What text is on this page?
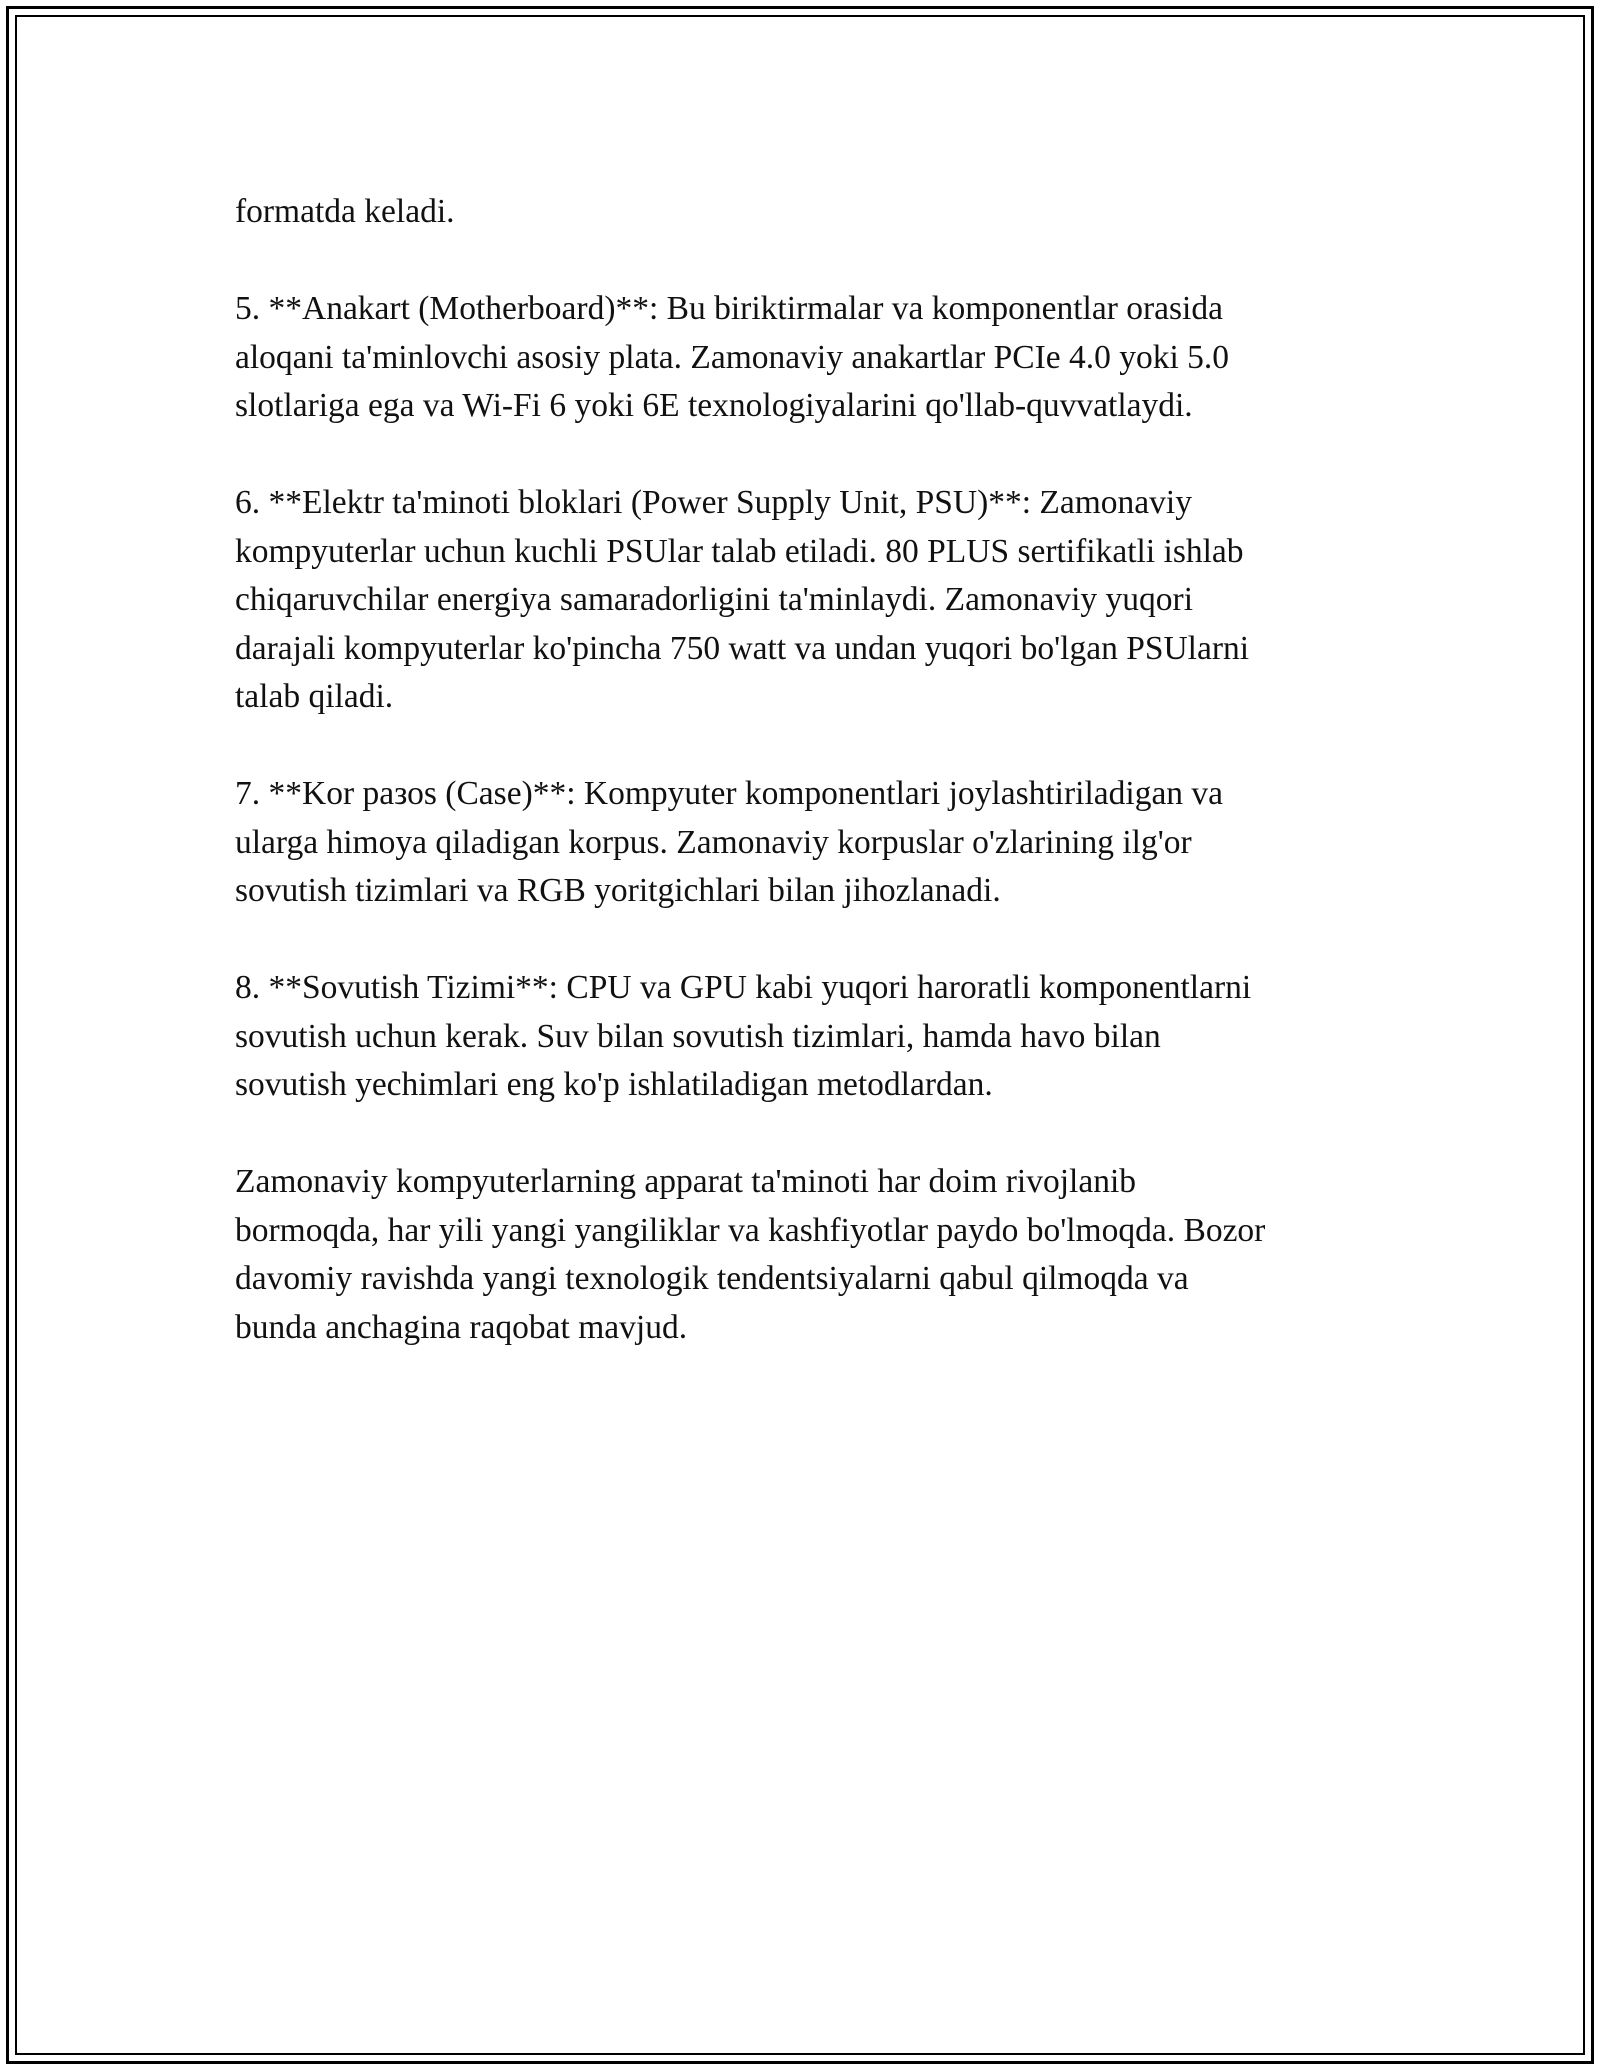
formatda keladi.

5. **Anakart (Motherboard)**: Bu biriktirmalar va komponentlar orasida
aloqani ta'minlovchi asosiy plata. Zamonaviy anakartlar PCIe 4.0 yoki 5.0
slotlariga ega va Wi-Fi 6 yoki 6E texnologiyalarini qo'llab-quvvatlaydi.

6. **Elektr ta'minoti bloklari (Power Supply Unit, PSU)**: Zamonaviy
kompyuterlar uchun kuchli PSUlar talab etiladi. 80 PLUS sertifikatli ishlab
chiqaruvchilar energiya samaradorligini ta'minlaydi. Zamonaviy yuqori
darajali kompyuterlar ko'pincha 750 watt va undan yuqori bo'lgan PSUlarni
talab qiladi.

7. **Kor разоs (Case)**: Kompyuter komponentlari joylashtiriladigan va
ularga himoya qiladigan korpus. Zamonaviy korpuslar o'zlarining ilg'or
sovutish tizimlari va RGB yoritgichlari bilan jihozlanadi.

8. **Sovutish Tizimi**: CPU va GPU kabi yuqori haroratli komponentlarni
sovutish uchun kerak. Suv bilan sovutish tizimlari, hamda havo bilan
sovutish yechimlari eng ko'p ishlatiladigan metodlardan.

Zamonaviy kompyuterlarning apparat ta'minoti har doim rivojlanib
bormoqda, har yili yangi yangiliklar va kashfiyotlar paydo bo'lmoqda. Bozor
davomiy ravishda yangi texnologik tendentsiyalarni qabul qilmoqda va
bunda anchagina raqobat mavjud.
